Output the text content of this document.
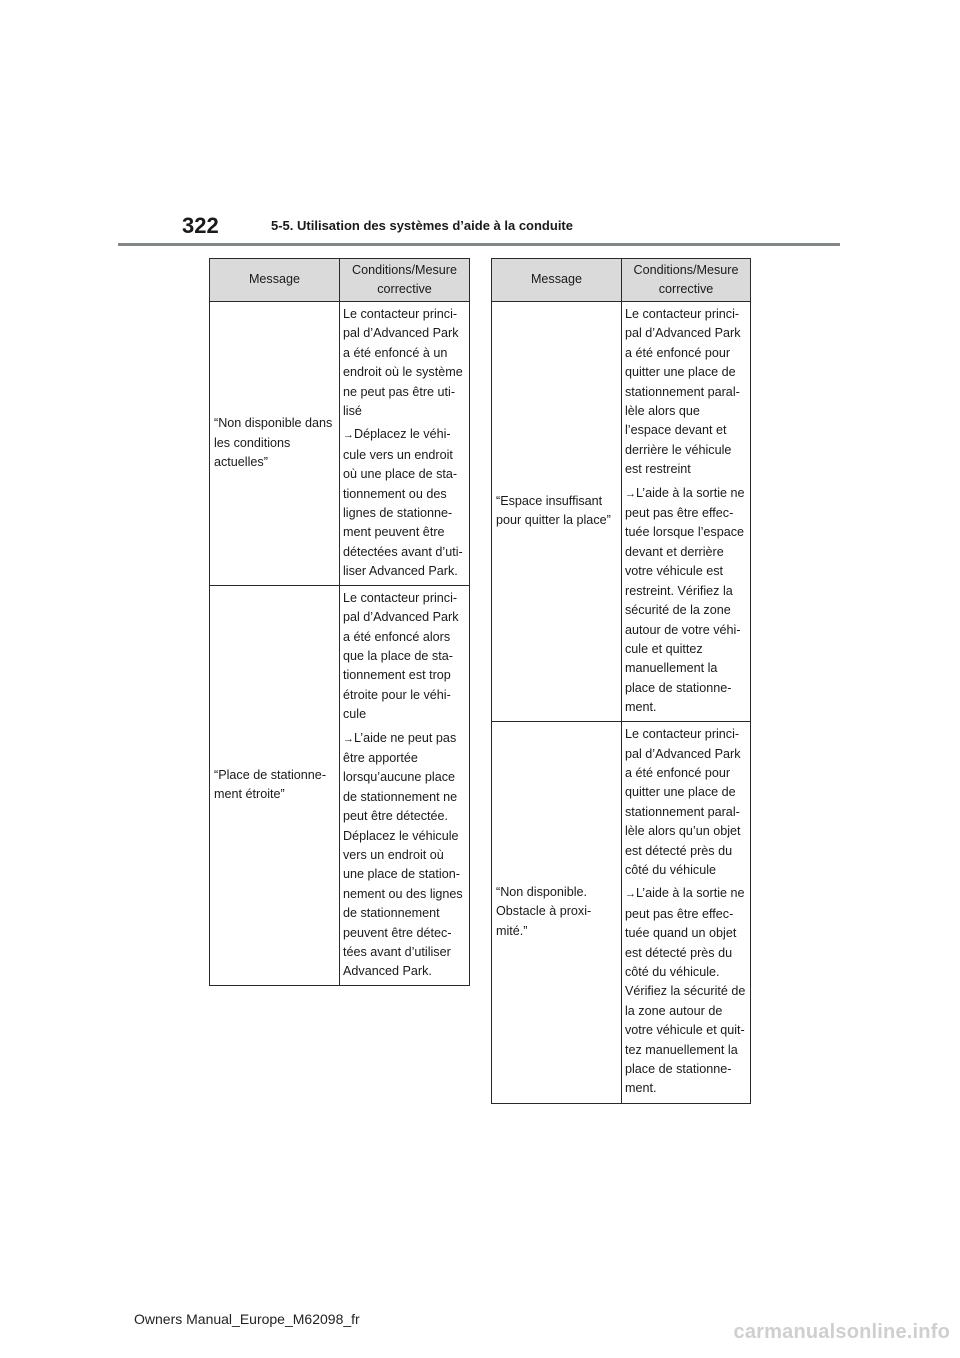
322	5-5. Utilisation des systèmes d’aide à la conduite
Message	Conditions/Mesure
corrective
“Non disponible dans les conditions actuelles”	Le contacteur princi-pal d’Advanced Park a été enfoncé à un endroit où le système ne peut pas être uti-lisé

→Déplacez le véhi-cule vers un endroit où une place de sta-tionnement ou des lignes de stationne-ment peuvent être détectées avant d’uti-liser Advanced Park.

“Place de stationne-ment étroite”	Le contacteur princi-pal d’Advanced Park a été enfoncé alors que la place de sta-tionnement est trop étroite pour le véhi-cule

→L’aide ne peut pas être apportée lorsqu’aucune place de stationnement ne peut être détectée. Déplacez le véhicule vers un endroit où une place de station-nement ou des lignes de stationnement peuvent être détec-tées avant d’utiliser Advanced Park.

Message	Conditions/Mesure
corrective
“Espace insuffisant pour quitter la place”	Le contacteur princi-pal d’Advanced Park a été enfoncé pour quitter une place de stationnement paral-lèle alors que l’espace devant et derrière le véhicule est restreint

→L’aide à la sortie ne peut pas être effec-tuée lorsque l’espace devant et derrière votre véhicule est restreint. Vérifiez la sécurité de la zone autour de votre véhi-cule et quittez manuellement la place de stationne-ment.

“Non disponible. Obstacle à proxi-mité.”	Le contacteur princi-pal d’Advanced Park a été enfoncé pour quitter une place de stationnement paral-lèle alors qu’un objet est détecté près du côté du véhicule

→L’aide à la sortie ne peut pas être effec-tuée quand un objet est détecté près du côté du véhicule. Vérifiez la sécurité de la zone autour de votre véhicule et quit-tez manuellement la place de stationne-ment.

Owners Manual_Europe_M62098_fr
carmanualsonline.info
